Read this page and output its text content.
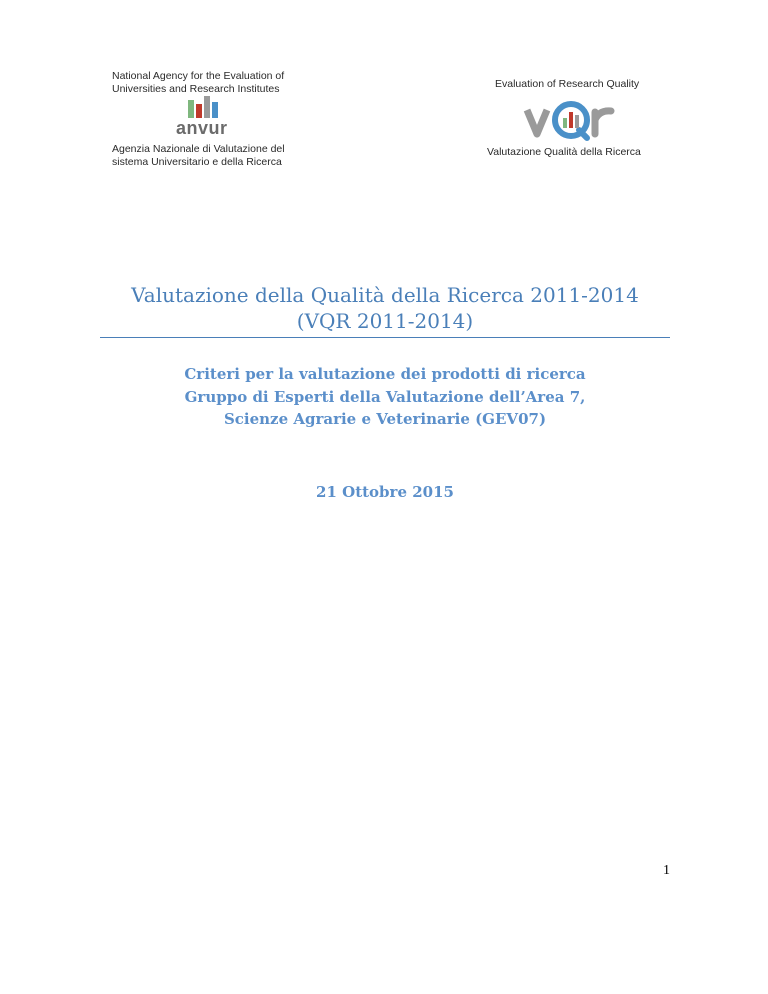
National Agency for the Evaluation of
Universities and Research Institutes
anvur
Agenzia Nazionale di Valutazione del
sistema Universitario e della Ricerca
Evaluation of Research Quality
Valutazione Qualità della Ricerca
Valutazione della Qualità della Ricerca 2011-2014
(VQR 2011-2014)
Criteri per la valutazione dei prodotti di ricerca
Gruppo di Esperti della Valutazione dell’Area 7,
Scienze Agrarie e Veterinarie (GEV07)
21 Ottobre 2015
1
